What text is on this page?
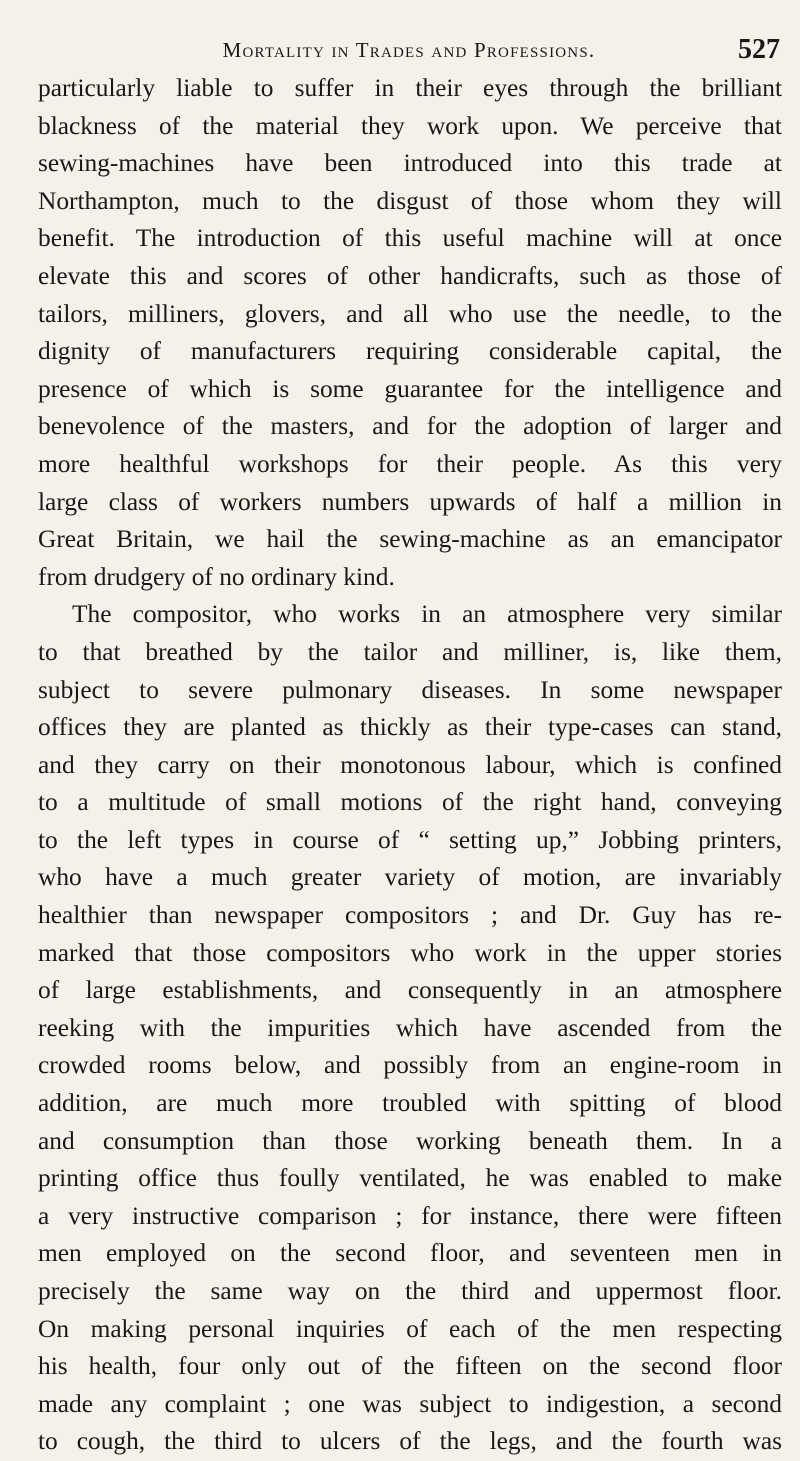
Mortality in Trades and Professions.	527
particularly liable to suffer in their eyes through the brilliant
blackness of the material they work upon. We perceive that
sewing-machines have been introduced into this trade at
Northampton, much to the disgust of those whom they will
benefit. The introduction of this useful machine will at once
elevate this and scores of other handicrafts, such as those of
tailors, milliners, glovers, and all who use the needle, to the
dignity of manufacturers requiring considerable capital, the
presence of which is some guarantee for the intelligence and
benevolence of the masters, and for the adoption of larger and
more healthful workshops for their people. As this very
large class of workers numbers upwards of half a million in
Great Britain, we hail the sewing-machine as an emancipator
from drudgery of no ordinary kind.
The compositor, who works in an atmosphere very similar
to that breathed by the tailor and milliner, is, like them,
subject to severe pulmonary diseases. In some newspaper
offices they are planted as thickly as their type-cases can stand,
and they carry on their monotonous labour, which is confined
to a multitude of small motions of the right hand, conveying
to the left types in course of “ setting up,” Jobbing printers,
who have a much greater variety of motion, are invariably
healthier than newspaper compositors ; and Dr. Guy has re-
marked that those compositors who work in the upper stories
of large establishments, and consequently in an atmosphere
reeking with the impurities which have ascended from the
crowded rooms below, and possibly from an engine-room in
addition, are much more troubled with spitting of blood
and consumption than those working beneath them. In a
printing office thus foully ventilated, he was enabled to make
a very instructive comparison ; for instance, there were fifteen
men employed on the second floor, and seventeen men in
precisely the same way on the third and uppermost floor.
On making personal inquiries of each of the men respecting
his health, four only out of the fifteen on the second floor
made any complaint ; one was subject to indigestion, a second
to cough, the third to ulcers of the legs, and the fourth was
